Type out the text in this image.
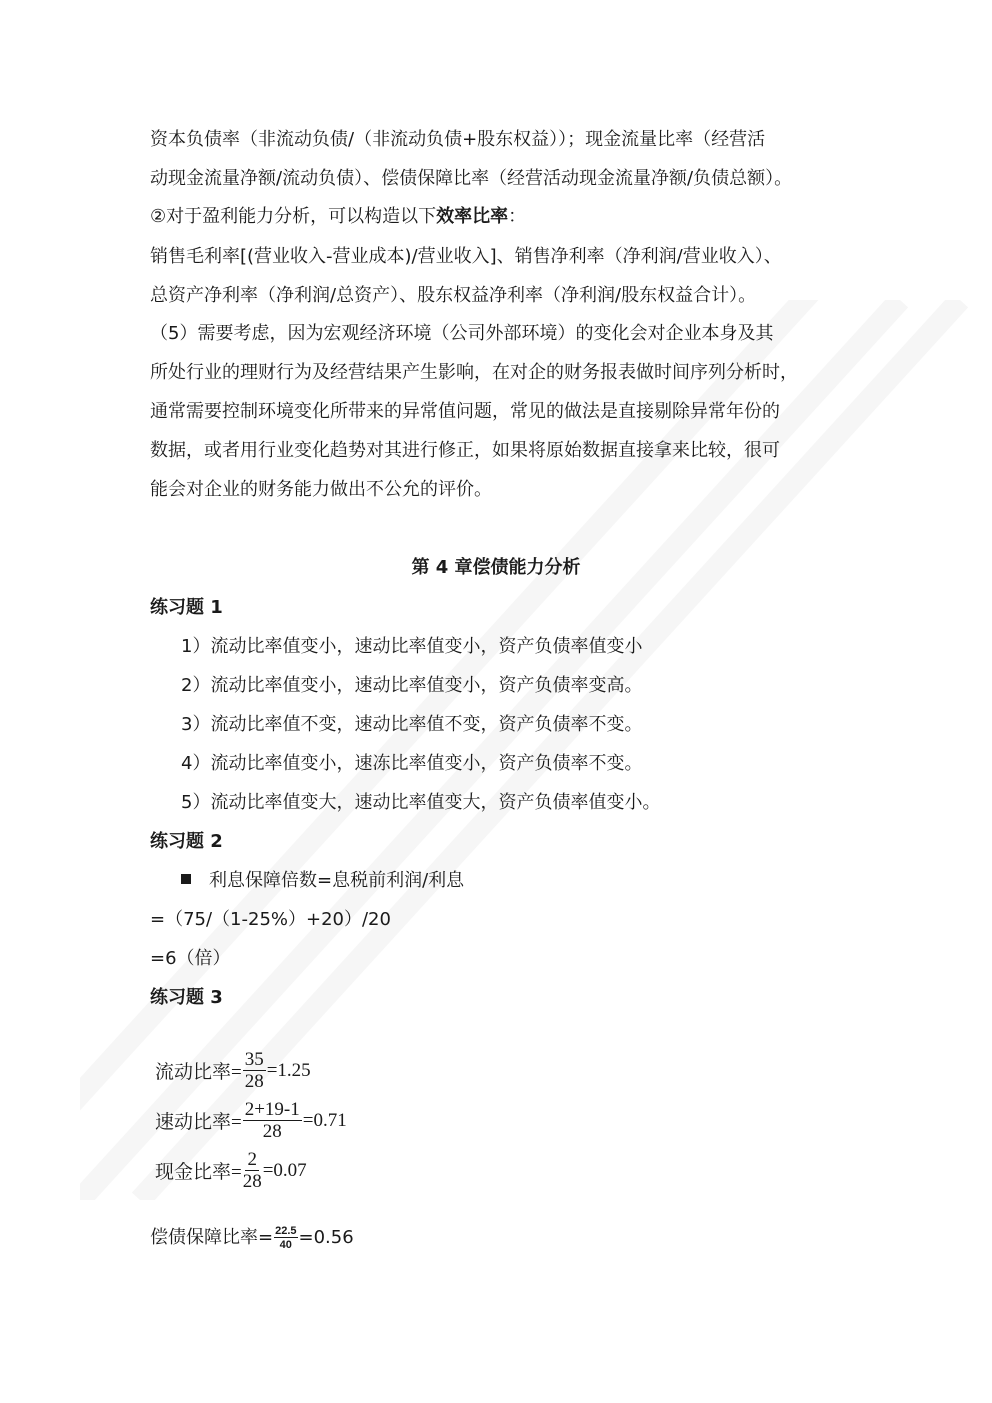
资本负债率（非流动负债/（非流动负债+股东权益））；现金流量比率（经营活
动现金流量净额/流动负债）、偿债保障比率（经营活动现金流量净额/负债总额）。
②对于盈利能力分析，可以构造以下效率比率：
销售毛利率[(营业收入-营业成本)/营业收入]、销售净利率（净利润/营业收入）、
总资产净利率（净利润/总资产）、股东权益净利率（净利润/股东权益合计）。
（5）需要考虑，因为宏观经济环境（公司外部环境）的变化会对企业本身及其
所处行业的理财行为及经营结果产生影响，在对企的财务报表做时间序列分析时，
通常需要控制环境变化所带来的异常值问题，常见的做法是直接剔除异常年份的
数据，或者用行业变化趋势对其进行修正，如果将原始数据直接拿来比较，很可
能会对企业的财务能力做出不公允的评价。
第 4 章偿债能力分析
练习题 1
1）流动比率值变小，速动比率值变小，资产负债率值变小
2）流动比率值变小，速动比率值变小，资产负债率变高。
3）流动比率值不变，速动比率值不变，资产负债率不变。
4）流动比率值变小，速冻比率值变小，资产负债率不变。
5）流动比率值变大，速动比率值变大，资产负债率值变小。
练习题 2
利息保障倍数=息税前利润/利息
=（75/（1-25%）+20）/20
=6（倍）
练习题 3
流动比率= $\frac{35}{28} =1.25$
速动比率= $\frac{2+19-1}{28} =0.71$
现金比率= $\frac{2}{28} =0.07$
偿债保障比率= $\frac{22.5}{40} =0.56$
